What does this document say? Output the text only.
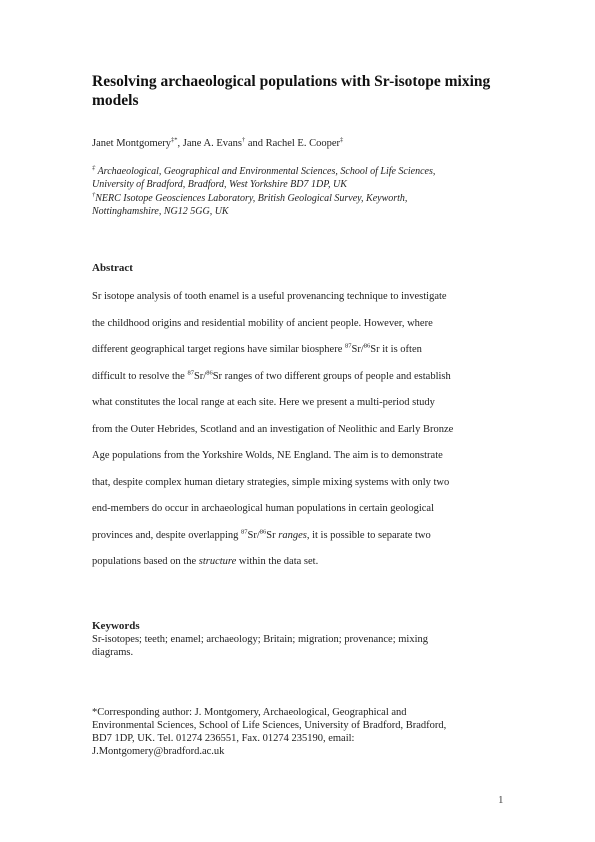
Resolving archaeological populations with Sr-isotope mixing
models
Janet Montgomery‡*, Jane A. Evans† and Rachel E. Cooper‡
‡ Archaeological, Geographical and Environmental Sciences, School of Life Sciences,
University of Bradford, Bradford, West Yorkshire BD7 1DP, UK
†NERC Isotope Geosciences Laboratory, British Geological Survey, Keyworth,
Nottinghamshire, NG12 5GG, UK
Abstract
Sr isotope analysis of tooth enamel is a useful provenancing technique to investigate
the childhood origins and residential mobility of ancient people. However, where
different geographical target regions have similar biosphere $^{87}$Sr/$^{86}$Sr it is often
difficult to resolve the $^{87}$Sr/$^{86}$Sr ranges of two different groups of people and establish
what constitutes the local range at each site. Here we present a multi-period study
from the Outer Hebrides, Scotland and an investigation of Neolithic and Early Bronze
Age populations from the Yorkshire Wolds, NE England. The aim is to demonstrate
that, despite complex human dietary strategies, simple mixing systems with only two
end-members do occur in archaeological human populations in certain geological
provinces and, despite overlapping $^{87}$Sr/$^{86}$Sr ranges, it is possible to separate two
populations based on the structure within the data set.
Keywords
Sr-isotopes; teeth; enamel; archaeology; Britain; migration; provenance; mixing
diagrams.
*Corresponding author: J. Montgomery, Archaeological, Geographical and
Environmental Sciences, School of Life Sciences, University of Bradford, Bradford,
BD7 1DP, UK. Tel. 01274 236551, Fax. 01274 235190, email:
J.Montgomery@bradford.ac.uk
1
